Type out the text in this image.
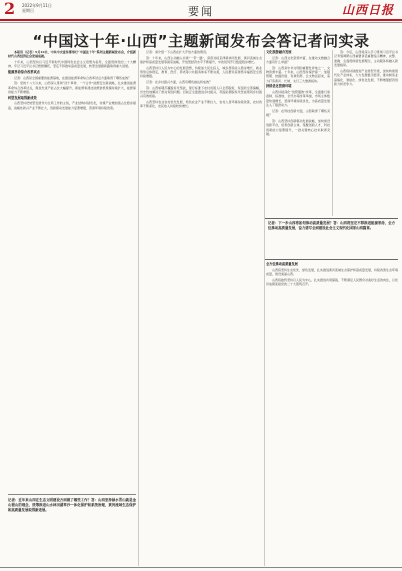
2 2022年9月11日
星期日	要闻	山西日报
“中国这十年·山西”主题新闻发布会答记者问实录

本报讯（记者）9月10日，中共中央宣传部举行“中国这十年”系列主题新闻发布会，介绍新时代山西经济社会发展成就。

十年来，山西坚持以习近平新时代中国特色社会主义思想为指导，全面贯彻党的二十大精神，牢记习近平总书记殷殷嘱托，坚定不移推动高质量发展，转型发展蹚新路取得重大进展。

能源革命综合改革试点

记者：山西是全国重要的能源基地，在推进能源革命综合改革试点方面取得了哪些成效？

答：党的十八大以来，山西深入贯彻“四个革命、一个合作”能源安全新战略，扎实推进能源革命综合改革试点，煤炭先进产能占比大幅提升，新能源和清洁能源装机规模持续扩大，能源保供能力不断增强。

转型发展取得新成效

山西坚持把转型发展作为全局工作的主线，产业结构持续优化，非煤产业增加值占比稳步提高，战略性新兴产业不断壮大，创新驱动发展能力显著增强，营商环境持续改善。

记者：近年来山西在生态文明建设方面做了哪些工作？答：山西坚持绿水青山就是金山银山的理念，统筹推进山水林田湖草沙一体化保护和系统治理，黄河流域生态保护和高质量发展取得新进展。

记者：请介绍一下山西在扩大开放方面的情况。

答：十年来，山西主动融入共建“一带一路”，深度对接京津冀协同发展、黄河流域生态保护和高质量发展等国家战略，开放型经济水平不断提升，中欧班列开行数量稳步增长。

山西坚持以人民为中心的发展思想，持续加大民生投入，城乡居民收入稳步增长，就业形势总体稳定，教育、医疗、养老等公共服务体系不断完善，人民群众获得感幸福感安全感持续增强。

记者：在乡村振兴方面，山西有哪些做法和成效？

答：山西如期打赢脱贫攻坚战，现行标准下农村贫困人口全部脱贫，贫困县全部摘帽，历史性地解决了绝对贫困问题。目前正全面推进乡村振兴，巩固拓展脱贫攻坚成果同乡村振兴有效衔接。

山西坚持农业农村优先发展，特色农业产业不断壮大，农村人居环境持续改善，农村改革不断深化，农民收入持续较快增长。

文化旅游融合发展

记者：山西文化资源丰富，在推动文旅融合方面有什么举措？

答：山西是中华文明的重要发祥地之一，文物资源丰富。十年来，山西坚持保护第一、加强管理、挖掘价值、有效利用、让文物活起来，着力打造黄河、长城、太行三大旅游板块。

持续优化营商环境

山西持续深化“放管服效”改革，全面推行承诺制、标准地、全代办等改革举措，市场主体数量快速增长，营商环境持续优化，为高质量发展注入了强劲动力。

记者：在科技创新方面，山西取得了哪些突破？

答：山西坚持创新驱动发展战略，加快建设创新平台，培育创新主体，集聚创新人才，科技创新能力显著提升，一批关键核心技术取得突破。

答：今后，山西将深入学习贯彻习近平总书记考察调研山西重要讲话重要指示精神，完整、准确、全面贯彻新发展理念，主动服务和融入新发展格局。

山西将持续推进产业转型升级，加快构建现代化产业体系，大力发展数字经济，推动制造业高端化、智能化、绿色化发展，不断增强经济创新力和竞争力。

记者：下一步山西将如何推动高质量发展？答：山西将坚定不移推进能源革命，全方位推动高质量发展，奋力谱写全面建设社会主义现代化国家山西篇章。

全方位推动高质量发展

山西将坚持生态优先、绿色发展，扎实推进黄河流域生态保护和高质量发展，持续改善生态环境质量，建设美丽山西。

山西将始终坚持以人民为中心，扎实推进共同富裕，不断满足人民群众对美好生活的向往，以优异成绩迎接党的二十大胜利召开。
